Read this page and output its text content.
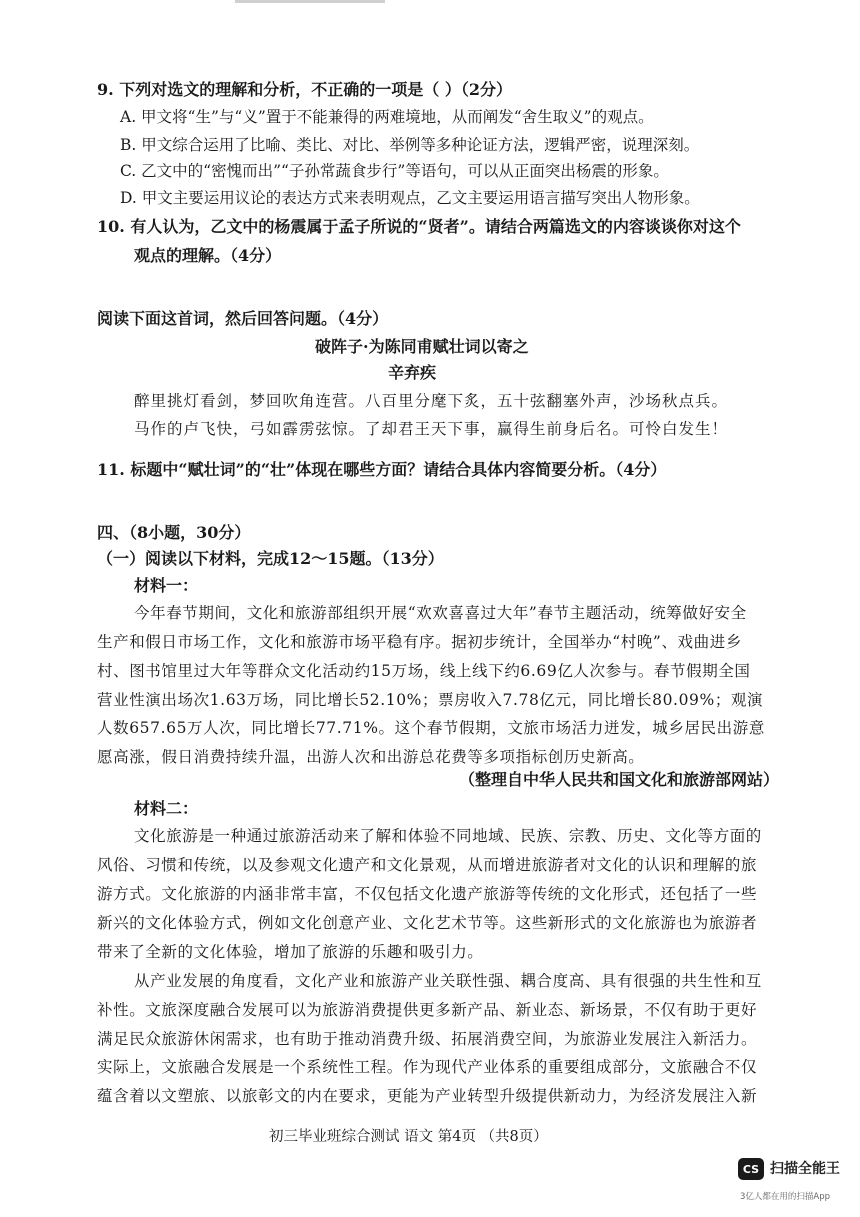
9. 下列对选文的理解和分析，不正确的一项是（ ）（2分）
A. 甲文将“生”与“义”置于不能兼得的两难境地，从而阐发“舍生取义”的观点。
B. 甲文综合运用了比喻、类比、对比、举例等多种论证方法，逻辑严密，说理深刻。
C. 乙文中的“密愧而出”“子孙常蔬食步行”等语句，可以从正面突出杨震的形象。
D. 甲文主要运用议论的表达方式来表明观点，乙文主要运用语言描写突出人物形象。
10. 有人认为，乙文中的杨震属于孟子所说的“贤者”。请结合两篇选文的内容谈谈你对这个
观点的理解。（4分）
阅读下面这首词，然后回答问题。（4分）
破阵子·为陈同甫赋壮词以寄之
辛弃疾
醉里挑灯看剑，梦回吹角连营。八百里分麾下炙，五十弦翻塞外声，沙场秋点兵。
马作的卢飞快，弓如霹雳弦惊。了却君王天下事，赢得生前身后名。可怜白发生！
11. 标题中“赋壮词”的“壮”体现在哪些方面？请结合具体内容简要分析。（4分）
四、（8小题，30分）
（一）阅读以下材料，完成12～15题。（13分）
材料一：
今年春节期间，文化和旅游部组织开展“欢欢喜喜过大年”春节主题活动，统筹做好安全
生产和假日市场工作，文化和旅游市场平稳有序。据初步统计，全国举办“村晚”、戏曲进乡
村、图书馆里过大年等群众文化活动约15万场，线上线下约6.69亿人次参与。春节假期全国
营业性演出场次1.63万场，同比增长52.10%；票房收入7.78亿元，同比增长80.09%；观演
人数657.65万人次，同比增长77.71%。这个春节假期，文旅市场活力迸发，城乡居民出游意
愿高涨，假日消费持续升温，出游人次和出游总花费等多项指标创历史新高。
（整理自中华人民共和国文化和旅游部网站）
材料二：
文化旅游是一种通过旅游活动来了解和体验不同地域、民族、宗教、历史、文化等方面的
风俗、习惯和传统，以及参观文化遗产和文化景观，从而增进旅游者对文化的认识和理解的旅
游方式。文化旅游的内涵非常丰富，不仅包括文化遗产旅游等传统的文化形式，还包括了一些
新兴的文化体验方式，例如文化创意产业、文化艺术节等。这些新形式的文化旅游也为旅游者
带来了全新的文化体验，增加了旅游的乐趣和吸引力。
从产业发展的角度看，文化产业和旅游产业关联性强、耦合度高、具有很强的共生性和互
补性。文旅深度融合发展可以为旅游消费提供更多新产品、新业态、新场景，不仅有助于更好
满足民众旅游休闲需求，也有助于推动消费升级、拓展消费空间，为旅游业发展注入新活力。
实际上，文旅融合发展是一个系统性工程。作为现代产业体系的重要组成部分，文旅融合不仅
蕴含着以文塑旅、以旅彰文的内在要求，更能为产业转型升级提供新动力，为经济发展注入新
初三毕业班综合测试 语文 第4页 （共8页）
CS 扫描全能王
3亿人都在用的扫描App
